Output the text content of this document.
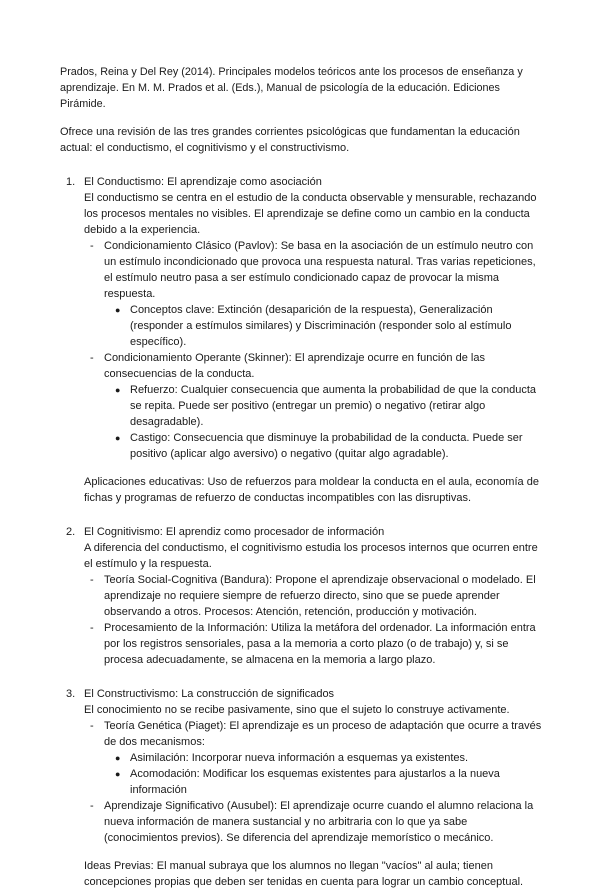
Prados, Reina y Del Rey (2014). Principales modelos teóricos ante los procesos de enseñanza y aprendizaje. En M. M. Prados et al. (Eds.), Manual de psicología de la educación. Ediciones Pirámide.

Ofrece una revisión de las tres grandes corrientes psicológicas que fundamentan la educación actual: el conductismo, el cognitivismo y el constructivismo.

1. El Conductismo: El aprendizaje como asociación
El conductismo se centra en el estudio de la conducta observable y mensurable, rechazando los procesos mentales no visibles. El aprendizaje se define como un cambio en la conducta debido a la experiencia.
- Condicionamiento Clásico (Pavlov): Se basa en la asociación de un estímulo neutro con un estímulo incondicionado que provoca una respuesta natural. Tras varias repeticiones, el estímulo neutro pasa a ser estímulo condicionado capaz de provocar la misma respuesta.
● Conceptos clave: Extinción (desaparición de la respuesta), Generalización (responder a estímulos similares) y Discriminación (responder solo al estímulo específico).
- Condicionamiento Operante (Skinner): El aprendizaje ocurre en función de las consecuencias de la conducta.
● Refuerzo: Cualquier consecuencia que aumenta la probabilidad de que la conducta se repita. Puede ser positivo (entregar un premio) o negativo (retirar algo desagradable).
● Castigo: Consecuencia que disminuye la probabilidad de la conducta. Puede ser positivo (aplicar algo aversivo) o negativo (quitar algo agradable).
Aplicaciones educativas: Uso de refuerzos para moldear la conducta en el aula, economía de fichas y programas de refuerzo de conductas incompatibles con las disruptivas.
2. El Cognitivismo: El aprendiz como procesador de información
A diferencia del conductismo, el cognitivismo estudia los procesos internos que ocurren entre el estímulo y la respuesta.
- Teoría Social-Cognitiva (Bandura): Propone el aprendizaje observacional o modelado. El aprendizaje no requiere siempre de refuerzo directo, sino que se puede aprender observando a otros. Procesos: Atención, retención, producción y motivación.
- Procesamiento de la Información: Utiliza la metáfora del ordenador. La información entra por los registros sensoriales, pasa a la memoria a corto plazo (o de trabajo) y, si se procesa adecuadamente, se almacena en la memoria a largo plazo.
3. El Constructivismo: La construcción de significados
El conocimiento no se recibe pasivamente, sino que el sujeto lo construye activamente.
- Teoría Genética (Piaget): El aprendizaje es un proceso de adaptación que ocurre a través de dos mecanismos:
● Asimilación: Incorporar nueva información a esquemas ya existentes.
● Acomodación: Modificar los esquemas existentes para ajustarlos a la nueva información
- Aprendizaje Significativo (Ausubel): El aprendizaje ocurre cuando el alumno relaciona la nueva información de manera sustancial y no arbitraria con lo que ya sabe (conocimientos previos). Se diferencia del aprendizaje memorístico o mecánico.
Ideas Previas: El manual subraya que los alumnos no llegan "vacíos" al aula; tienen concepciones propias que deben ser tenidas en cuenta para lograr un cambio conceptual.
